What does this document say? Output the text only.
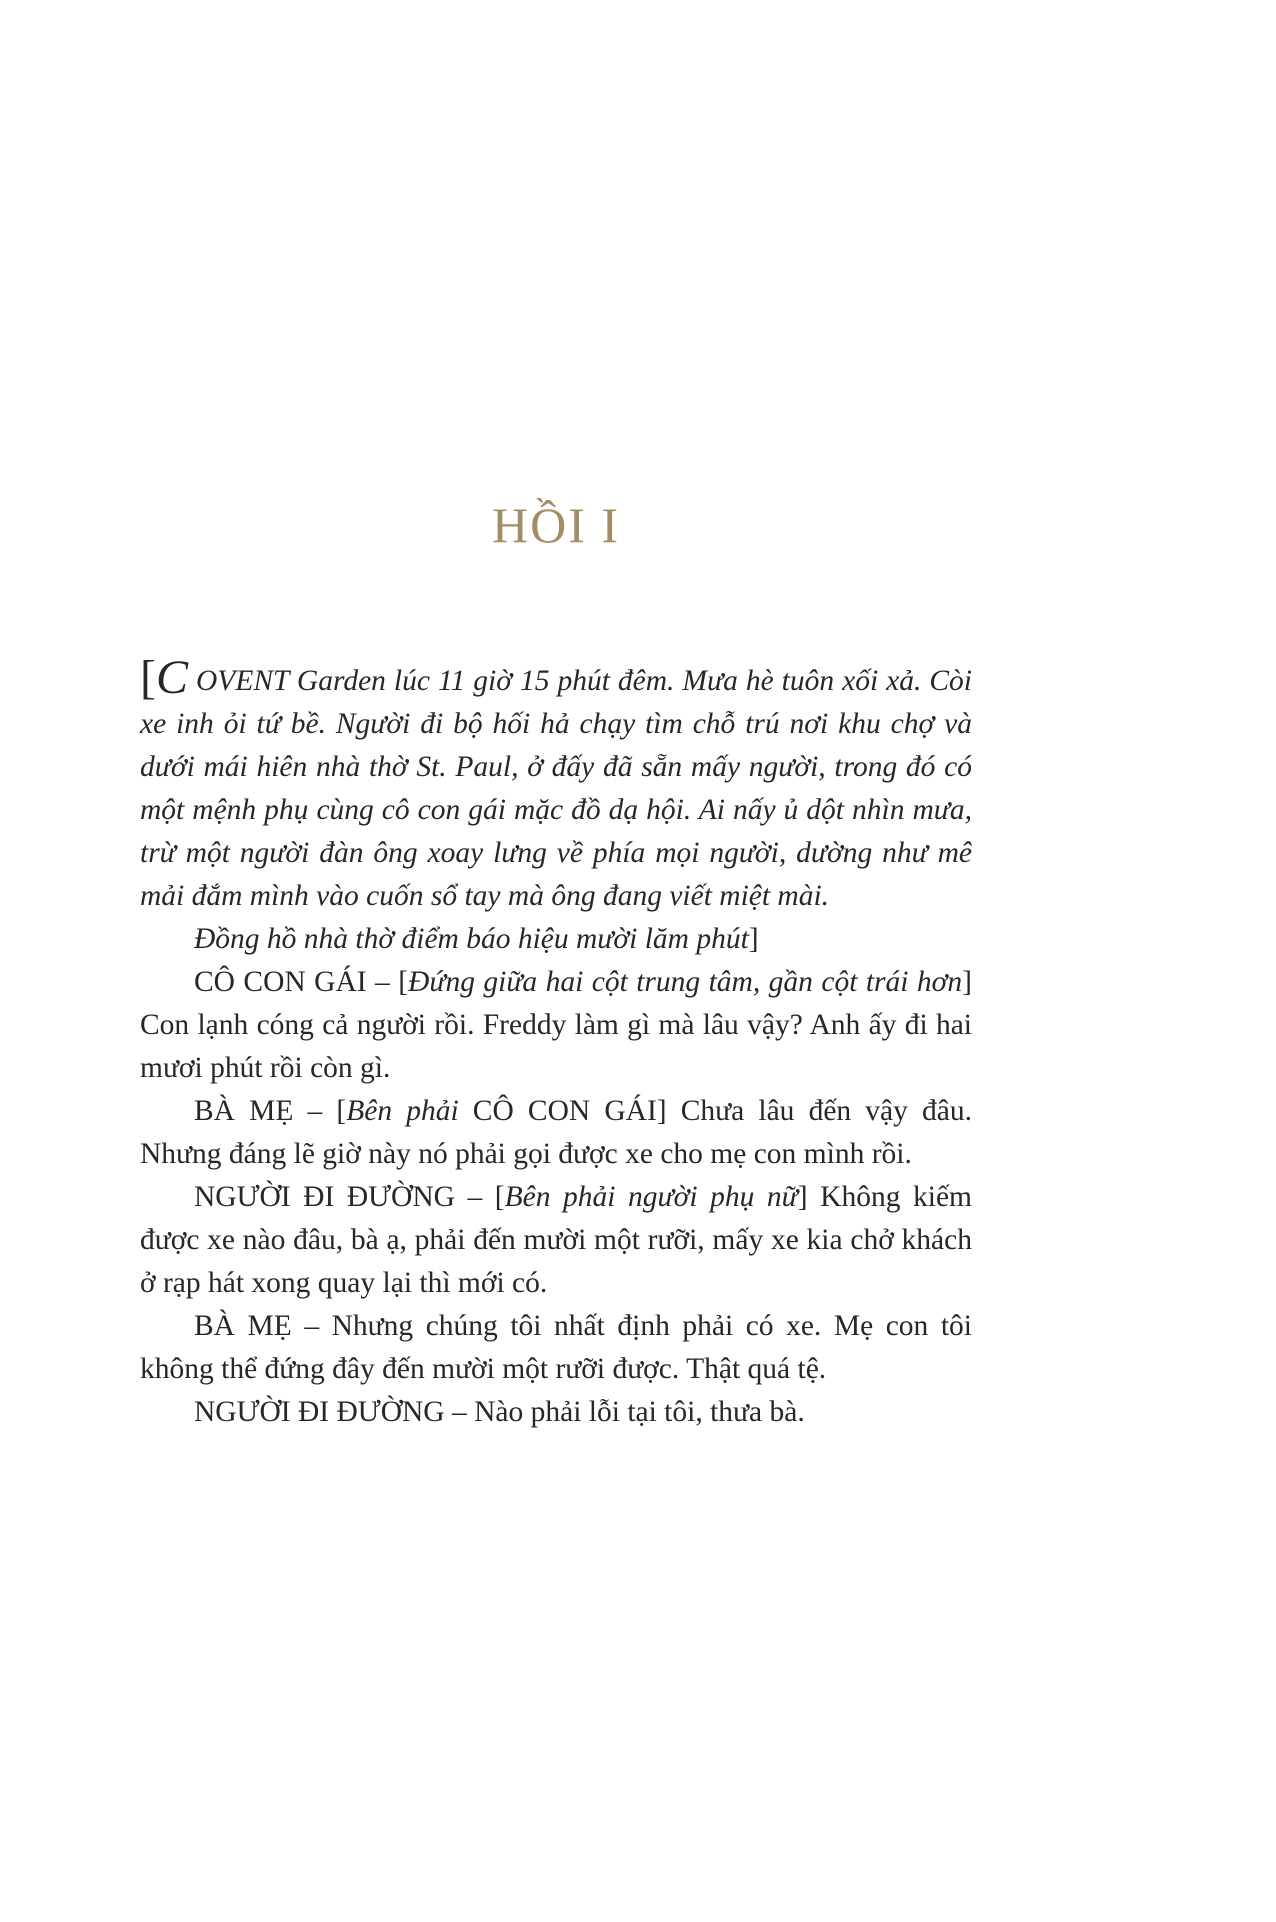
HỒI I

[C OVENT Garden lúc 11 giờ 15 phút đêm. Mưa hè tuôn xối xả. Còi xe inh ỏi tứ bề. Người đi bộ hối hả chạy tìm chỗ trú nơi khu chợ và dưới mái hiên nhà thờ St. Paul, ở đấy đã sẵn mấy người, trong đó có một mệnh phụ cùng cô con gái mặc đồ dạ hội. Ai nấy ủ dột nhìn mưa, trừ một người đàn ông xoay lưng về phía mọi người, dường như mê mải đắm mình vào cuốn sổ tay mà ông đang viết miệt mài.

Đồng hồ nhà thờ điểm báo hiệu mười lăm phút]

CÔ CON GÁI – [Đứng giữa hai cột trung tâm, gần cột trái hơn] Con lạnh cóng cả người rồi. Freddy làm gì mà lâu vậy? Anh ấy đi hai mươi phút rồi còn gì.

BÀ MẸ – [Bên phải CÔ CON GÁI] Chưa lâu đến vậy đâu. Nhưng đáng lẽ giờ này nó phải gọi được xe cho mẹ con mình rồi.

NGƯỜI ĐI ĐƯỜNG – [Bên phải người phụ nữ] Không kiếm được xe nào đâu, bà ạ, phải đến mười một rưỡi, mấy xe kia chở khách ở rạp hát xong quay lại thì mới có.

BÀ MẸ – Nhưng chúng tôi nhất định phải có xe. Mẹ con tôi không thể đứng đây đến mười một rưỡi được. Thật quá tệ.

NGƯỜI ĐI ĐƯỜNG – Nào phải lỗi tại tôi, thưa bà.
